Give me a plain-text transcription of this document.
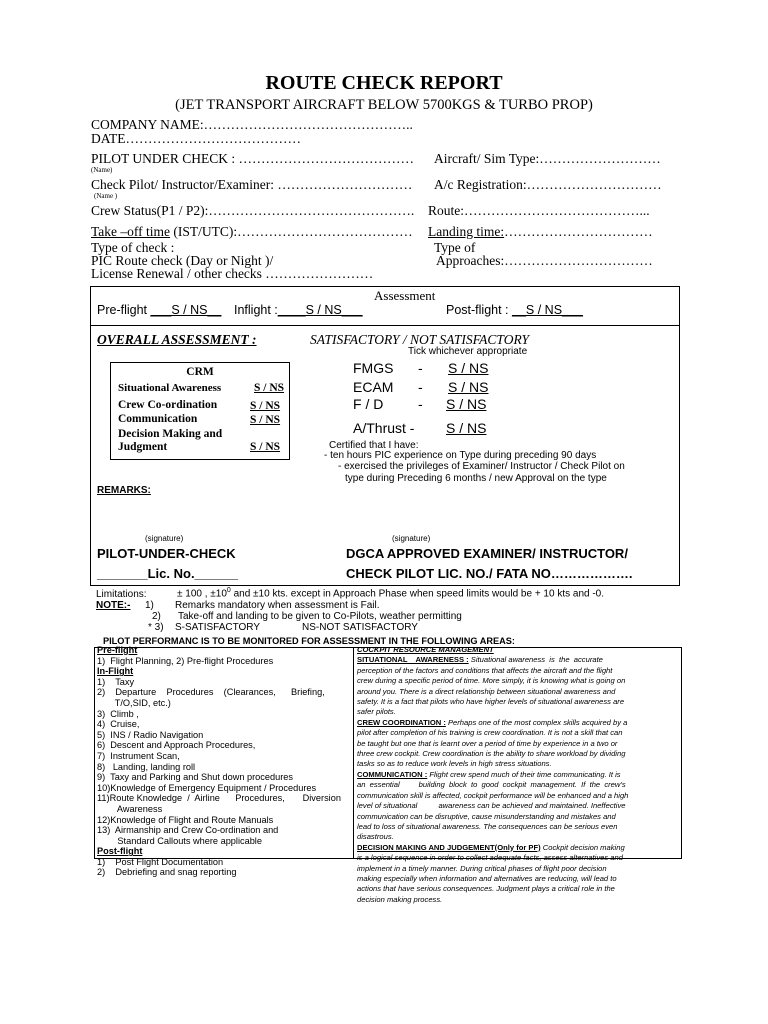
ROUTE CHECK REPORT
(JET TRANSPORT AIRCRAFT BELOW 5700KGS & TURBO PROP)
COMPANY NAME:………………………………………..
DATE…………………………………
PILOT UNDER CHECK : …………………………………
(Name)
Aircraft/ Sim Type:………………………
Check Pilot/ Instructor/Examiner: …………………………
(Name )
A/c Registration:…………………………
Crew Status(P1 / P2):………………………………………. Route:…………………………………...
Take –off time (IST/UTC):………………………………… Landing time:……………………………
Type of check :
PIC Route check (Day or Night )/
License Renewal / other checks ……………………
Type of
Approaches:……………………………
Assessment
Pre-flight ___S / NS__ Inflight :____S / NS___	Post-flight : __S / NS___
OVERALL ASSESSMENT :	SATISFACTORY / NOT SATISFACTORY
Tick whichever appropriate
CRM
Situational Awareness	S / NS
Crew Co-ordination	S / NS
Communication	S / NS
Decision Making and
Judgment	S / NS
FMGS - S / NS
ECAM - S / NS
F / D - S / NS
A/Thrust - S / NS
Certified that I have:
- ten hours PIC experience on Type during preceding 90 days
- exercised the privileges of Examiner/ Instructor / Check Pilot on
type during Preceding 6 months / new Approval on the type
REMARKS:
(signature)	(signature)
PILOT-UNDER-CHECK	DGCA APPROVED EXAMINER/ INSTRUCTOR/
_______Lic. No.______	CHECK PILOT LIC. NO./ FATA NO……………….
Limitations:	± 100 , $\pm 10^0$ and ±10 kts. except in Approach Phase when speed limits would be + 10 kts and -0.
NOTE:- 1) Remarks mandatory when assessment is Fail.
2) Take-off and landing to be given to Co-Pilots, weather permitting
* 3) S-SATISFACTORY	NS-NOT SATISFACTORY
PILOT PERFORMANC IS TO BE MONITORED FOR ASSESSMENT IN THE FOLLOWING AREAS:
Pre-flight
1)  Flight Planning, 2) Pre-flight Procedures
In-Flight
1)    Taxy
2)    Departure    Procedures    (Clearances,      Briefing,
T/O,SID, etc.)
3)  Climb ,
4)  Cruise,
5)  INS / Radio Navigation
6)  Descent and Approach Procedures,
7)  Instrument Scan,
8)   Landing, landing roll
9)  Taxy and Parking and Shut down procedures
10)Knowledge of Emergency Equipment / Procedures
11)Route Knowledge  /  Airline      Procedures,       Diversion
Awareness
12)Knowledge of Flight and Route Manuals
13)  Airmanship and Crew Co-ordination and
Standard Callouts where applicable
Post-flight
1)    Post Flight Documentation
2)    Debriefing and snag reporting
COCKPIT RESOURCE MANAGEMENT
SITUATIONAL    AWARENESS : Situational awareness  is  the  accurate
perception of the factors and conditions that affects the aircraft and the flight
crew during a specific period of time. More simply, it is knowing what is going on
around you. There is a direct relationship between situational awareness and
safety. It is a fact that pilots who have higher levels of situational awareness are
safer pilots.
CREW COORDINATION : Perhaps one of the most complex skills acquired by a
pilot after completion of his training is crew coordination. It is not a skill that can
be taught but one that is learnt over a period of time by experience in a two or
three crew cockpit. Crew coordination is the ability to share workload by dividing
tasks so as to reduce work levels in high stress situations.
COMMUNICATION : Flight crew spend much of their time communicating. It is
an  essential         building  block  to  good  cockpit  management.  If  the  crew's
communication skill is affected, cockpit performance will be enhanced and a high
level of situational          awareness can be achieved and maintained. Ineffective
communication can be disruptive, cause misunderstanding and mistakes and
lead to loss of situational awareness. The consequences can be serious even
disastrous.
DECISION MAKING AND JUDGEMENT(Only for PF) Cockpit decision making
is a logical sequence in order to collect adequate facts, assess alternatives and
implement in a timely manner. During critical phases of flight poor decision
making especially when information and alternatives are reducing, will lead to
actions that have serious consequences. Judgment plays a critical role in the
decision making process.
